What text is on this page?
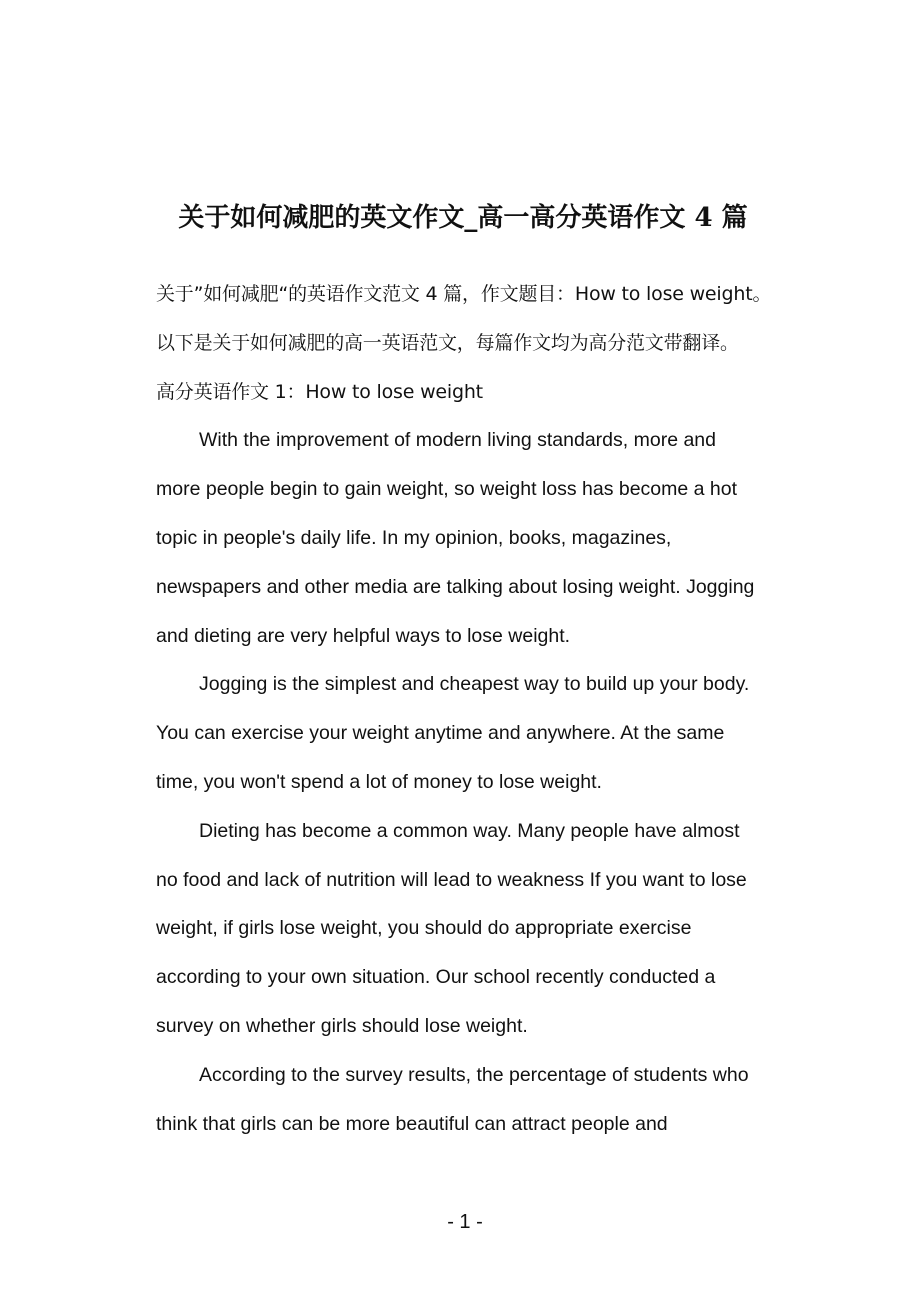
关于如何减肥的英文作文_高一高分英语作文 4 篇
关于”如何减肥“的英语作文范文 4 篇，作文题目：How to lose weight。
以下是关于如何减肥的高一英语范文，每篇作文均为高分范文带翻译。
高分英语作文 1：How to lose weight
With the improvement of modern living standards, more and
more people begin to gain weight, so weight loss has become a hot
topic in people's daily life. In my opinion, books, magazines,
newspapers and other media are talking about losing weight. Jogging
and dieting are very helpful ways to lose weight.
Jogging is the simplest and cheapest way to build up your body.
You can exercise your weight anytime and anywhere. At the same
time, you won't spend a lot of money to lose weight.
Dieting has become a common way. Many people have almost
no food and lack of nutrition will lead to weakness If you want to lose
weight, if girls lose weight, you should do appropriate exercise
according to your own situation. Our school recently conducted a
survey on whether girls should lose weight.
According to the survey results, the percentage of students who
think that girls can be more beautiful can attract people and
- 1 -
